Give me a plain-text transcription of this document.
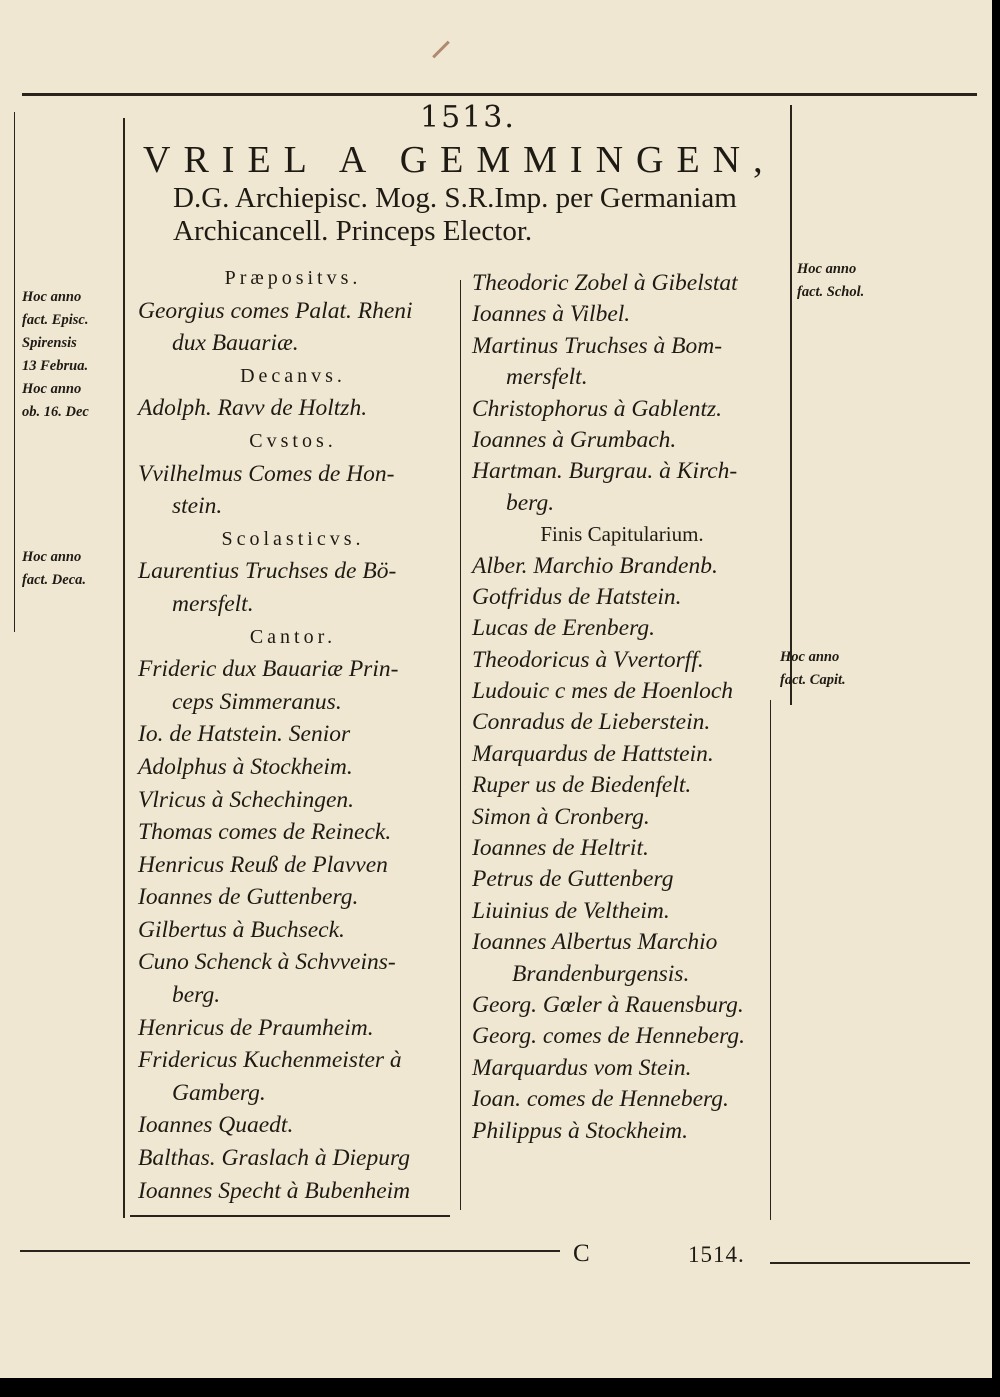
1513.
VRIEL A GEMMINGEN,
D.G. Archiepisc. Mog. S.R.Imp. per Germaniam
Archicancell. Princeps Elector.
Præpositvs.
Georgius comes Palat. Rheni
dux Bauariæ.
Decanvs.
Adolph. Ravv de Holtzh.
Cvstos.
Vvilhelmus Comes de Hon-
stein.
Scolasticvs.
Laurentius Truchses de Bö-
mersfelt.
Cantor.
Frideric dux Bauariæ Prin-
ceps Simmeranus.
Io. de Hatstein. Senior
Adolphus à Stockheim.
Vlricus à Schechingen.
Thomas comes de Reineck.
Henricus Reuß de Plavven
Ioannes de Guttenberg.
Gilbertus à Buchseck.
Cuno Schenck à Schvveins-
berg.
Henricus de Praumheim.
Fridericus Kuchenmeister à
Gamberg.
Ioannes Quaedt.
Balthas. Graslach à Diepurg
Ioannes Specht à Bubenheim
Theodoric Zobel à Gibelstat
Ioannes à Vilbel.
Martinus Truchses à Bom-
mersfelt.
Christophorus à Gablentz.
Ioannes à Grumbach.
Hartman. Burgrau. à Kirch-
berg.
Finis Capitularium.
Alber. Marchio Brandenb.
Gotfridus de Hatstein.
Lucas de Erenberg.
Theodoricus à Vvertorff.
Ludouic c mes de Hoenloch
Conradus de Lieberstein.
Marquardus de Hattstein.
Ruper us de Biedenfelt.
Simon à Cronberg.
Ioannes de Heltrit.
Petrus de Guttenberg
Liuinius de Veltheim.
Ioannes Albertus Marchio
Brandenburgensis.
Georg. Gœler à Rauensburg.
Georg. comes de Henneberg.
Marquardus vom Stein.
Ioan. comes de Henneberg.
Philippus à Stockheim.
Hoc anno
fact. Episc.
Spirensis
13 Februa.
Hoc anno
ob. 16. Dec
Hoc anno
fact. Deca.
Hoc anno
fact. Schol.
Hoc anno
fact. Capit.
C	1514.
